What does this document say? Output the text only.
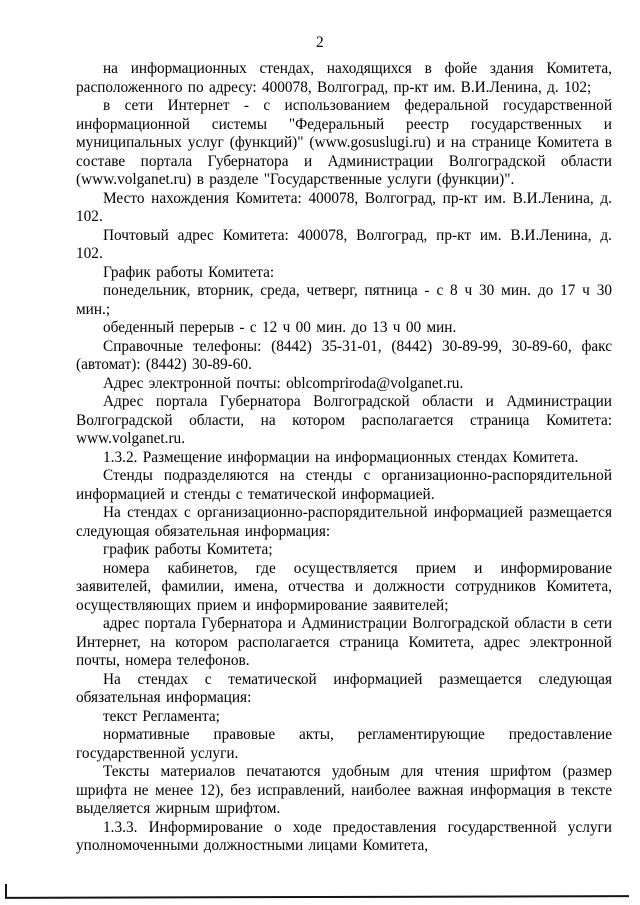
2

на информационных стендах, находящихся в фойе здания Комитета, расположенного по адресу: 400078, Волгоград, пр-кт им. В.И.Ленина, д. 102;

в сети Интернет - с использованием федеральной государственной информационной системы "Федеральный реестр государственных и муниципальных услуг (функций)" (www.gosuslugi.ru) и на странице Комитета в составе портала Губернатора и Администрации Волгоградской области (www.volganet.ru) в разделе "Государственные услуги (функции)".

Место нахождения Комитета: 400078, Волгоград, пр-кт им. В.И.Ленина, д. 102.

Почтовый адрес Комитета: 400078, Волгоград, пр-кт им. В.И.Ленина, д. 102.

График работы Комитета:

понедельник, вторник, среда, четверг, пятница - с 8 ч 30 мин. до 17 ч 30 мин.;

обеденный перерыв - с 12 ч 00 мин. до 13 ч 00 мин.

Справочные телефоны: (8442) 35-31-01, (8442) 30-89-99, 30-89-60, факс (автомат): (8442) 30-89-60.

Адрес электронной почты: oblcompriroda@volganet.ru.

Адрес портала Губернатора Волгоградской области и Администрации Волгоградской области, на котором располагается страница Комитета: www.volganet.ru.

1.3.2. Размещение информации на информационных стендах Комитета.

Стенды подразделяются на стенды с организационно-распорядительной информацией и стенды с тематической информацией.

На стендах с организационно-распорядительной информацией размещается следующая обязательная информация:

график работы Комитета;

номера кабинетов, где осуществляется прием и информирование заявителей, фамилии, имена, отчества и должности сотрудников Комитета, осуществляющих прием и информирование заявителей;

адрес портала Губернатора и Администрации Волгоградской области в сети Интернет, на котором располагается страница Комитета, адрес электронной почты, номера телефонов.

На стендах с тематической информацией размещается следующая обязательная информация:

текст Регламента;

нормативные правовые акты, регламентирующие предоставление государственной услуги.

Тексты материалов печатаются удобным для чтения шрифтом (размер шрифта не менее 12), без исправлений, наиболее важная информация в тексте выделяется жирным шрифтом.

1.3.3. Информирование о ходе предоставления государственной услуги уполномоченными должностными лицами Комитета,
